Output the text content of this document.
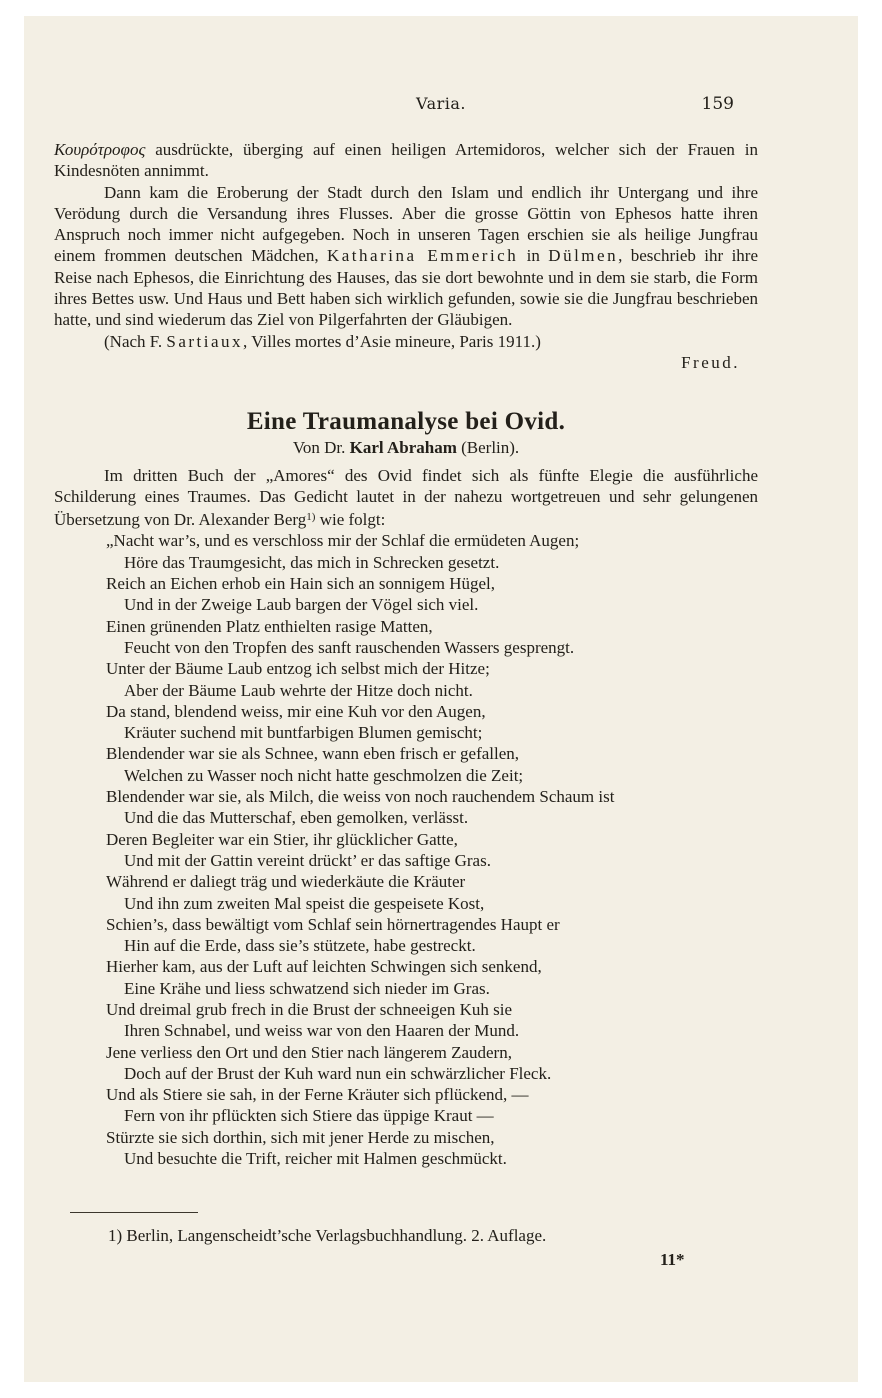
Varia.	159

Κουρότροφος ausdrückte, überging auf einen heiligen Artemidoros, welcher sich der Frauen in Kindesnöten annimmt.

Dann kam die Eroberung der Stadt durch den Islam und endlich ihr Untergang und ihre Verödung durch die Versandung ihres Flusses. Aber die grosse Göttin von Ephesos hatte ihren Anspruch noch immer nicht aufgegeben. Noch in unseren Tagen erschien sie als heilige Jungfrau einem frommen deutschen Mädchen, Katharina Emmerich in Dülmen, beschrieb ihr ihre Reise nach Ephesos, die Einrichtung des Hauses, das sie dort bewohnte und in dem sie starb, die Form ihres Bettes usw. Und Haus und Bett haben sich wirklich gefunden, sowie sie die Jungfrau beschrieben hatte, und sind wiederum das Ziel von Pilgerfahrten der Gläubigen.

(Nach F. Sartiaux, Villes mortes d’Asie mineure, Paris 1911.)

Freud.

Eine Traumanalyse bei Ovid.

Von Dr. Karl Abraham (Berlin).

Im dritten Buch der „Amores“ des Ovid findet sich als fünfte Elegie die ausführliche Schilderung eines Traumes. Das Gedicht lautet in der nahezu wortgetreuen und sehr gelungenen Übersetzung von Dr. Alexander Berg$^{1)}$ wie folgt:

„Nacht war’s, und es verschloss mir der Schlaf die ermüdeten Augen;
Höre das Traumgesicht, das mich in Schrecken gesetzt.
Reich an Eichen erhob ein Hain sich an sonnigem Hügel,
Und in der Zweige Laub bargen der Vögel sich viel.
Einen grünenden Platz enthielten rasige Matten,
Feucht von den Tropfen des sanft rauschenden Wassers gesprengt.
Unter der Bäume Laub entzog ich selbst mich der Hitze;
Aber der Bäume Laub wehrte der Hitze doch nicht.
Da stand, blendend weiss, mir eine Kuh vor den Augen,
Kräuter suchend mit buntfarbigen Blumen gemischt;
Blendender war sie als Schnee, wann eben frisch er gefallen,
Welchen zu Wasser noch nicht hatte geschmolzen die Zeit;
Blendender war sie, als Milch, die weiss von noch rauchendem Schaum ist
Und die das Mutterschaf, eben gemolken, verlässt.
Deren Begleiter war ein Stier, ihr glücklicher Gatte,
Und mit der Gattin vereint drückt’ er das saftige Gras.
Während er daliegt träg und wiederkäute die Kräuter
Und ihn zum zweiten Mal speist die gespeisete Kost,
Schien’s, dass bewältigt vom Schlaf sein hörnertragendes Haupt er
Hin auf die Erde, dass sie’s stützete, habe gestreckt.
Hierher kam, aus der Luft auf leichten Schwingen sich senkend,
Eine Krähe und liess schwatzend sich nieder im Gras.
Und dreimal grub frech in die Brust der schneeigen Kuh sie
Ihren Schnabel, und weiss war von den Haaren der Mund.
Jene verliess den Ort und den Stier nach längerem Zaudern,
Doch auf der Brust der Kuh ward nun ein schwärzlicher Fleck.
Und als Stiere sie sah, in der Ferne Kräuter sich pflückend, —
Fern von ihr pflückten sich Stiere das üppige Kraut —
Stürzte sie sich dorthin, sich mit jener Herde zu mischen,
Und besuchte die Trift, reicher mit Halmen geschmückt.
1) Berlin, Langenscheidt’sche Verlagsbuchhandlung. 2. Auflage.
11*
